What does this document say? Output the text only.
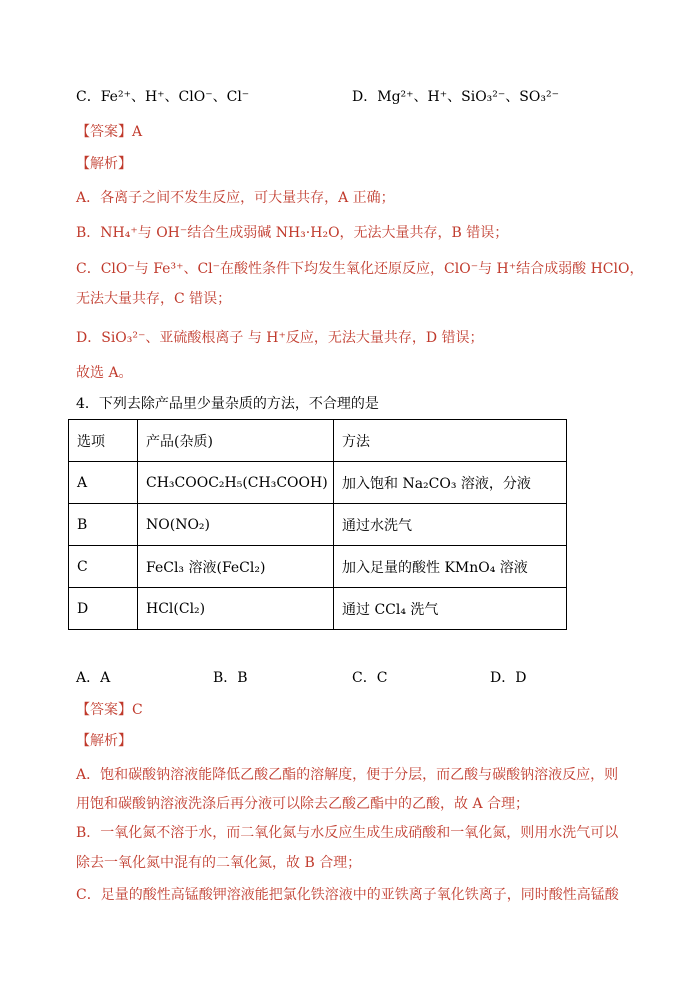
C．Fe²⁺、H⁺、ClO⁻、Cl⁻	D．Mg²⁺、H⁺、SiO₃²⁻、SO₃²⁻
【答案】A
【解析】
A．各离子之间不发生反应，可大量共存，A 正确；
B．NH₄⁺与 OH⁻结合生成弱碱 NH₃·H₂O，无法大量共存，B 错误；
C．ClO⁻与 Fe³⁺、Cl⁻在酸性条件下均发生氧化还原反应，ClO⁻与 H⁺结合成弱酸 HClO，
无法大量共存，C 错误；
D．SiO₃²⁻、亚硫酸根离子 与 H⁺反应，无法大量共存，D 错误；
故选 A。
4．下列去除产品里少量杂质的方法，不合理的是
选项	产品(杂质)	方法
A	CH₃COOC₂H₅(CH₃COOH)	加入饱和 Na₂CO₃ 溶液，分液
B	NO(NO₂)	通过水洗气
C	FeCl₃ 溶液(FeCl₂)	加入足量的酸性 KMnO₄ 溶液
D	HCl(Cl₂)	通过 CCl₄ 洗气
A．A	B．B	C．C	D．D
【答案】C
【解析】
A．饱和碳酸钠溶液能降低乙酸乙酯的溶解度，便于分层，而乙酸与碳酸钠溶液反应，则
用饱和碳酸钠溶液洗涤后再分液可以除去乙酸乙酯中的乙酸，故 A 合理；
B．一氧化氮不溶于水，而二氧化氮与水反应生成生成硝酸和一氧化氮，则用水洗气可以
除去一氧化氮中混有的二氧化氮，故 B 合理；
C．足量的酸性高锰酸钾溶液能把氯化铁溶液中的亚铁离子氧化铁离子，同时酸性高锰酸
